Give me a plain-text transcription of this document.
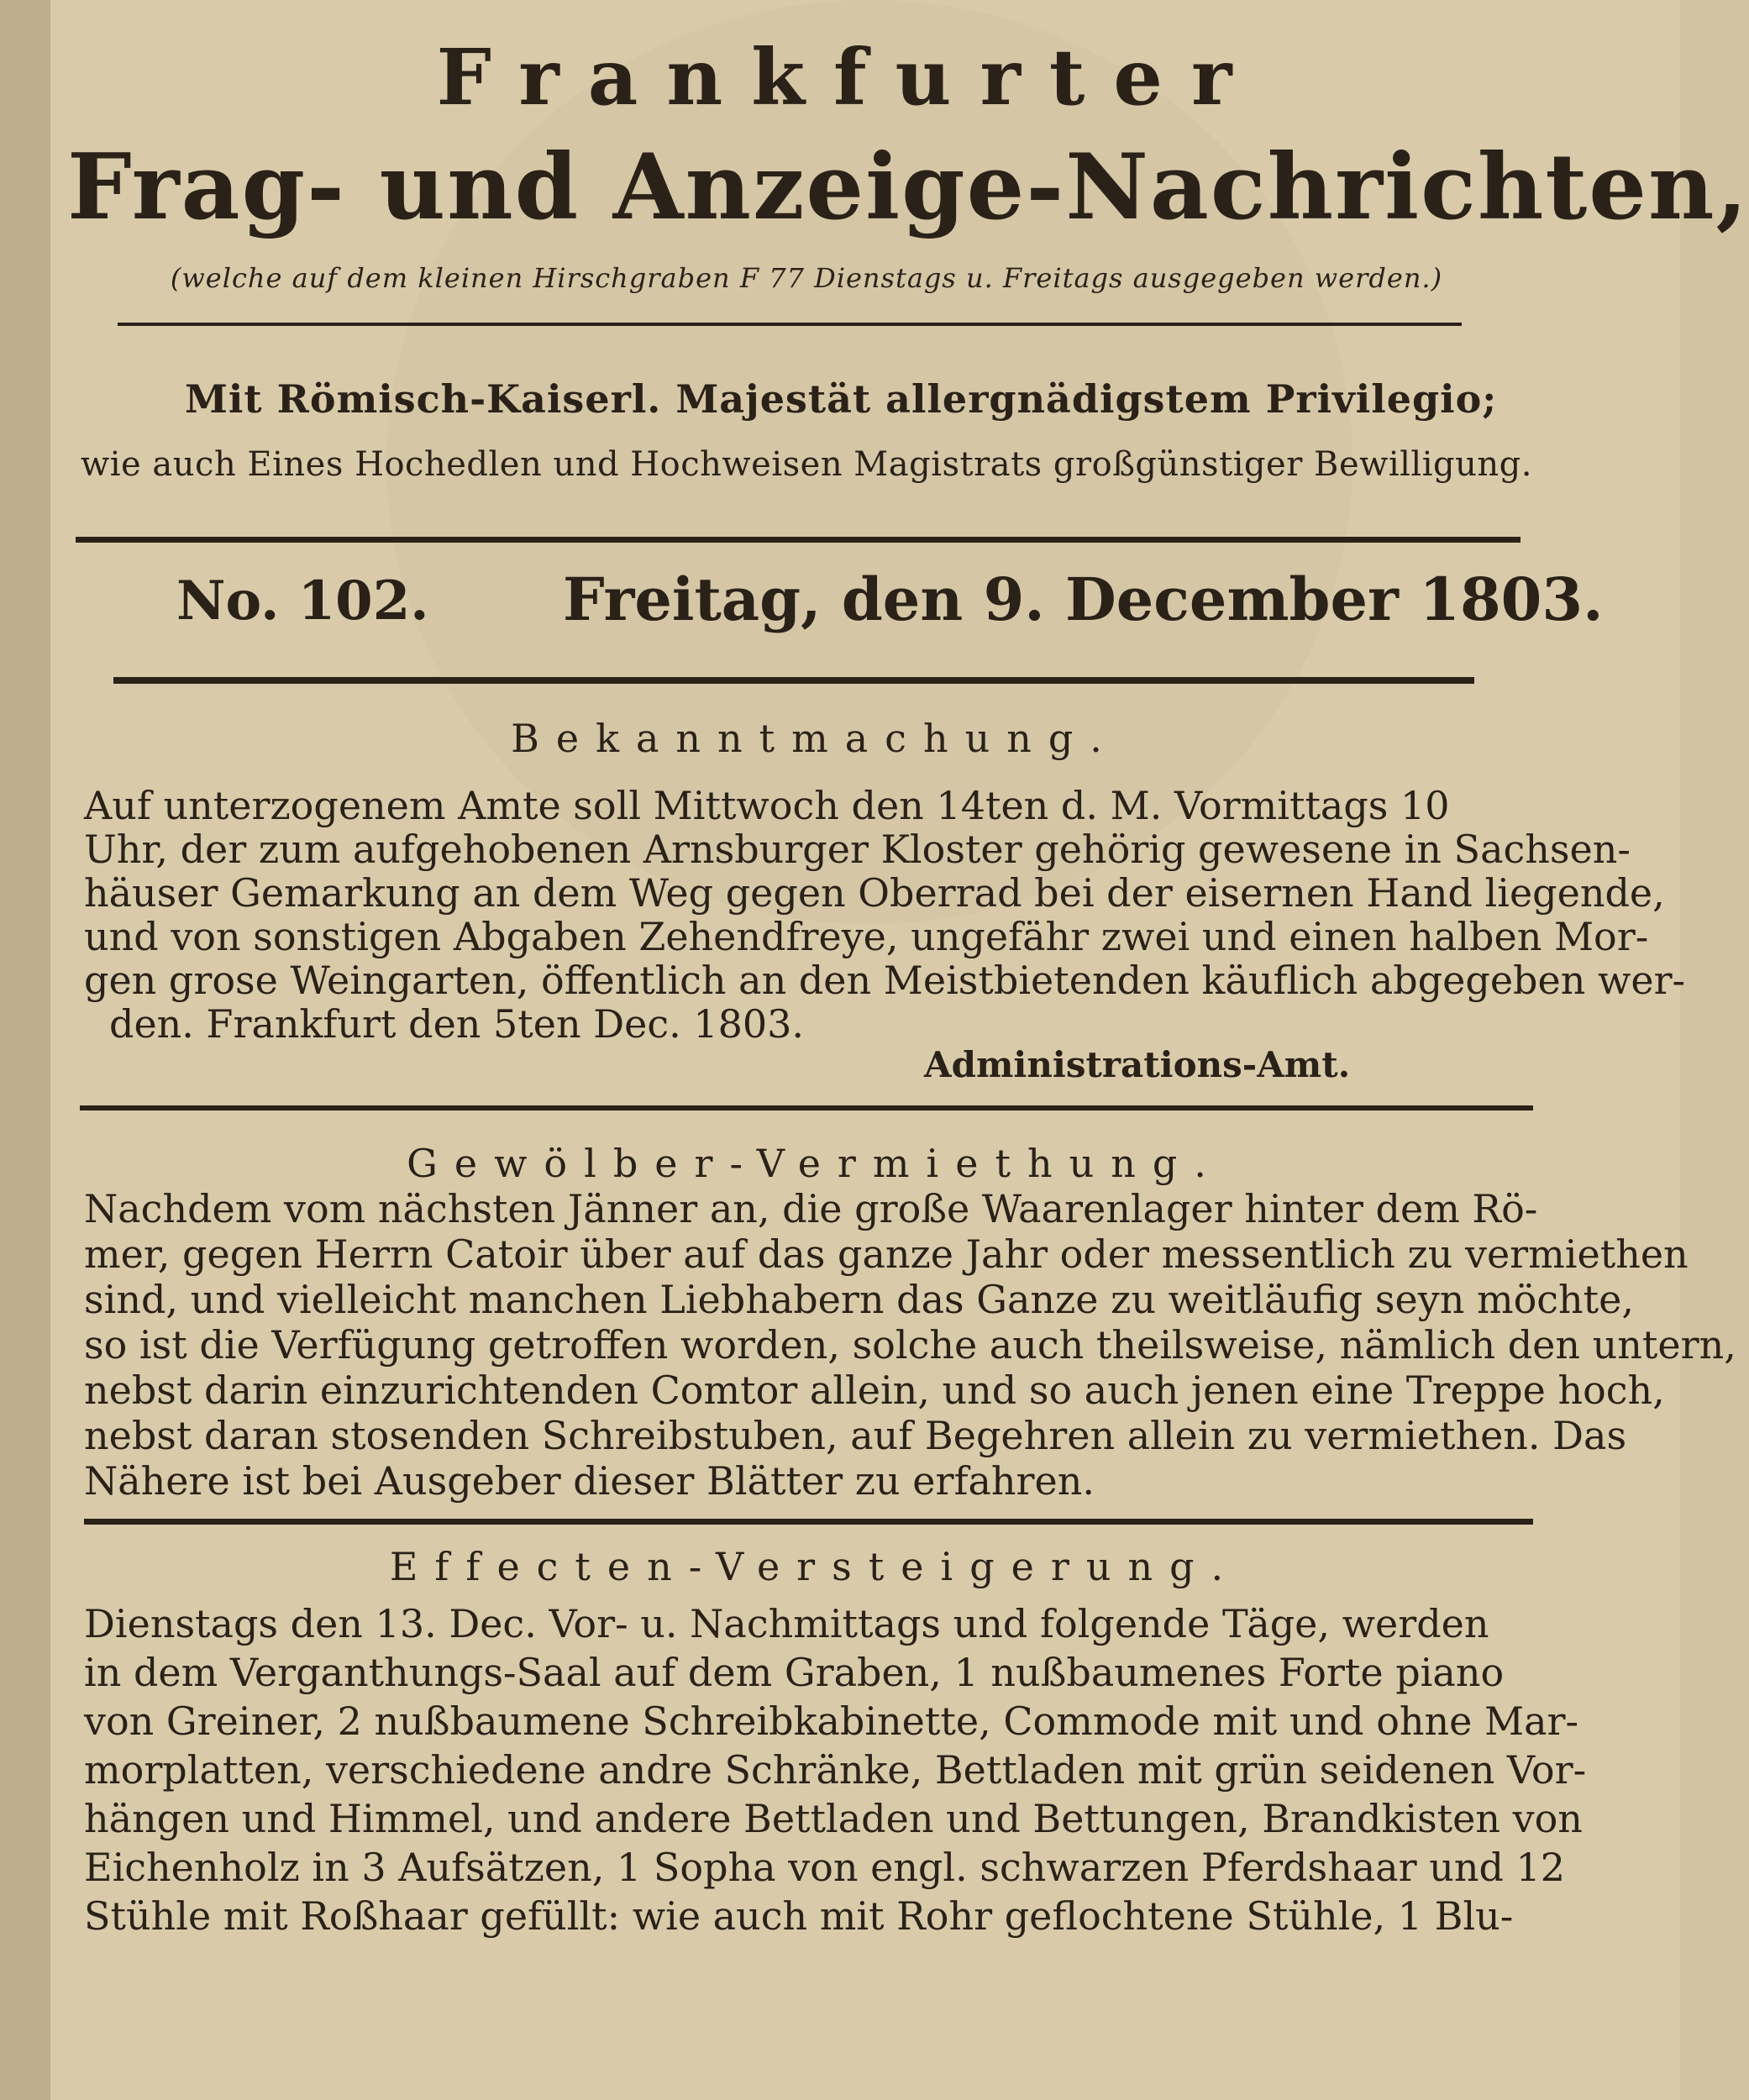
Frankfurter

Frag- und Anzeige-Nachrichten,

(welche auf dem kleinen Hirschgraben F 77 Dienstags u. Freitags ausgegeben werden.)

Mit Römisch-Kaiserl. Majestät allergnädigstem Privilegio;

wie auch Eines Hochedlen und Hochweisen Magistrats großgünstiger Bewilligung.

No. 102.	Freitag, den 9. December 1803.

Bekanntmachung.

Auf unterzogenem Amte soll Mittwoch den 14ten d. M. Vormittags 10

Uhr, der zum aufgehobenen Arnsburger Kloster gehörig gewesene in Sachsen-

häuser Gemarkung an dem Weg gegen Oberrad bei der eisernen Hand liegende,

und von sonstigen Abgaben Zehendfreye, ungefähr zwei und einen halben Mor-

gen grose Weingarten, öffentlich an den Meistbietenden käuflich abgegeben wer-

den. Frankfurt den 5ten Dec. 1803.

Administrations-Amt.

Gewölber-Vermiethung.

Nachdem vom nächsten Jänner an, die große Waarenlager hinter dem Rö-

mer, gegen Herrn Catoir über auf das ganze Jahr oder messentlich zu vermiethen

sind, und vielleicht manchen Liebhabern das Ganze zu weitläufig seyn möchte,

so ist die Verfügung getroffen worden, solche auch theilsweise, nämlich den untern,

nebst darin einzurichtenden Comtor allein, und so auch jenen eine Treppe hoch,

nebst daran stosenden Schreibstuben, auf Begehren allein zu vermiethen. Das

Nähere ist bei Ausgeber dieser Blätter zu erfahren.

Effecten-Versteigerung.

Dienstags den 13. Dec. Vor- u. Nachmittags und folgende Täge, werden

in dem Verganthungs-Saal auf dem Graben, 1 nußbaumenes Forte piano

von Greiner, 2 nußbaumene Schreibkabinette, Commode mit und ohne Mar-

morplatten, verschiedene andre Schränke, Bettladen mit grün seidenen Vor-

hängen und Himmel, und andere Bettladen und Bettungen, Brandkisten von

Eichenholz in 3 Aufsätzen, 1 Sopha von engl. schwarzen Pferdshaar und 12

Stühle mit Roßhaar gefüllt: wie auch mit Rohr geflochtene Stühle, 1 Blu-
